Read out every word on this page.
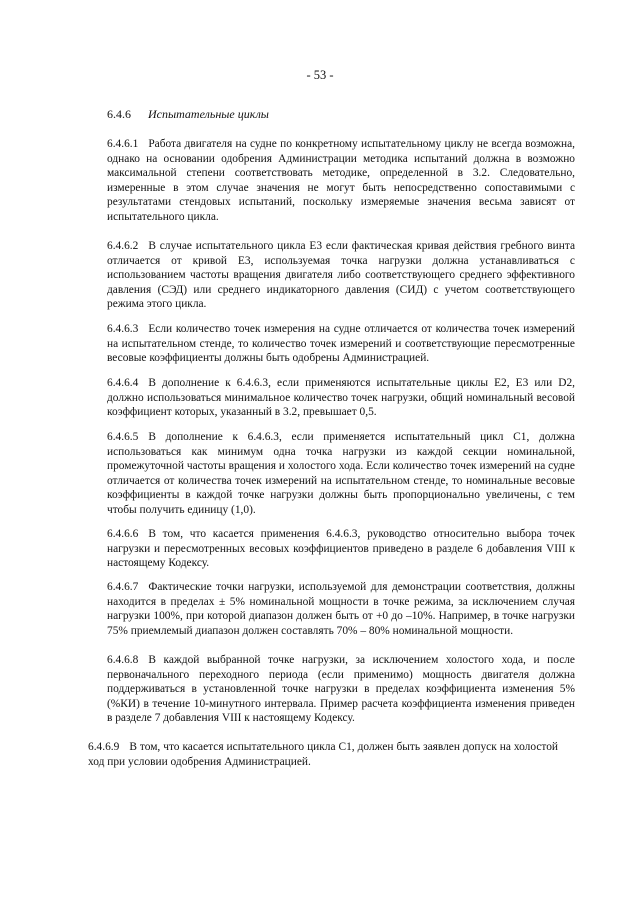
- 53 -
6.4.6 Испытательные циклы

6.4.6.1 Работа двигателя на судне по конкретному испытательному циклу не всегда возможна, однако на основании одобрения Администрации методика испытаний должна в возможно максимальной степени соответствовать методике, определенной в 3.2. Следовательно, измеренные в этом случае значения не могут быть непосредственно сопоставимыми с результатами стендовых испытаний, поскольку измеряемые значения весьма зависят от испытательного цикла.

6.4.6.2 В случае испытательного цикла E3 если фактическая кривая действия гребного винта отличается от кривой E3, используемая точка нагрузки должна устанавливаться с использованием частоты вращения двигателя либо соответствующего среднего эффективного давления (СЭД) или среднего индикаторного давления (СИД) с учетом соответствующего режима этого цикла.

6.4.6.3 Если количество точек измерения на судне отличается от количества точек измерений на испытательном стенде, то количество точек измерений и соответствующие пересмотренные весовые коэффициенты должны быть одобрены Администрацией.

6.4.6.4 В дополнение к 6.4.6.3, если применяются испытательные циклы E2, E3 или D2, должно использоваться минимальное количество точек нагрузки, общий номинальный весовой коэффициент которых, указанный в 3.2, превышает 0,5.

6.4.6.5 В дополнение к 6.4.6.3, если применяется испытательный цикл C1, должна использоваться как минимум одна точка нагрузки из каждой секции номинальной, промежуточной частоты вращения и холостого хода. Если количество точек измерений на судне отличается от количества точек измерений на испытательном стенде, то номинальные весовые коэффициенты в каждой точке нагрузки должны быть пропорционально увеличены, с тем чтобы получить единицу (1,0).

6.4.6.6 В том, что касается применения 6.4.6.3, руководство относительно выбора точек нагрузки и пересмотренных весовых коэффициентов приведено в разделе 6 добавления VIII к настоящему Кодексу.

6.4.6.7 Фактические точки нагрузки, используемой для демонстрации соответствия, должны находится в пределах ± 5% номинальной мощности в точке режима, за исключением случая нагрузки 100%, при которой диапазон должен быть от +0 до –10%. Например, в точке нагрузки 75% приемлемый диапазон должен составлять 70% – 80% номинальной мощности.

6.4.6.8 В каждой выбранной точке нагрузки, за исключением холостого хода, и после первоначального переходного периода (если применимо) мощность двигателя должна поддерживаться в установленной точке нагрузки в пределах коэффициента изменения 5% (%КИ) в течение 10-минутного интервала. Пример расчета коэффициента изменения приведен в разделе 7 добавления VIII к настоящему Кодексу.

6.4.6.9 В том, что касается испытательного цикла C1, должен быть заявлен допуск на холостой ход при условии одобрения Администрацией.
